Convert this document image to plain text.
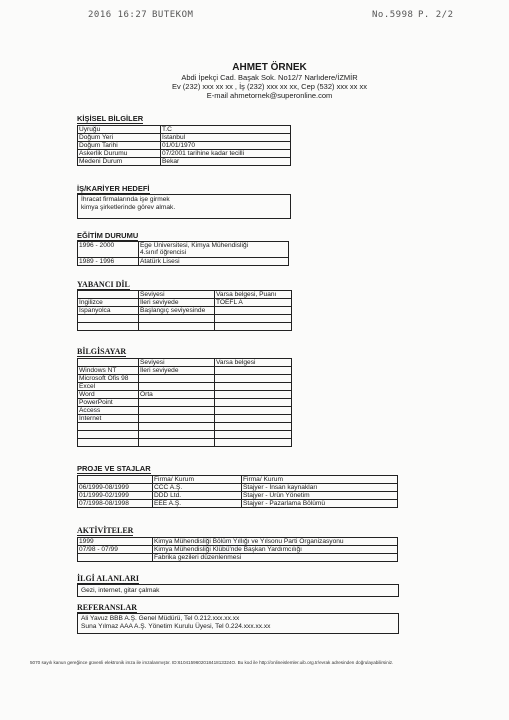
2016 16:27 BUTEKOM	No.5998 P. 2/2
AHMET ÖRNEK
Abdi İpekçi Cad. Başak Sok. No12/7 Narlıdere/İZMİR
Ev (232) xxx xx xx , İş (232) xxx xx xx, Cep (532) xxx xx xx
E-mail ahmetornek@superonline.com
KİŞİSEL BİLGİLER
Uyruğu	T.C
Doğum Yeri	İstanbul
Doğum Tarihi	01/01/1970
Askerlik Durumu	07/2001 tarihine kadar tecilli
Medeni Durum	Bekar
İŞ/KARİYER HEDEFİ
İhracat firmalarında işe girmek
kimya şirketlerinde görev almak.
EĞİTİM DURUMU
1996 - 2000	Ege Üniversitesi, Kimya Mühendisliği
4.sınıf öğrencisi

1989 - 1996	Atatürk Lisesi
YABANCI DİL
	Seviyesi	Varsa belgesi, Puanı
İngilizce	İleri seviyede	TOEFL A
İspanyolca	Başlangıç seviyesinde	

BİLGİSAYAR
	Seviyesi	Varsa belgesi
Windows NT	İleri seviyede	
Microsoft Ofis 98		
Excel		
Word	Orta	
PowerPoint		
Access		
Internet		

PROJE VE STAJLAR
	Firma/ Kurum	Firma/ Kurum
06/1999-08/1999	CCC A.Ş.	Stajyer - İnsan kaynakları
01/1999-02/1999	DDD Ltd.	Stajyer - Ürün Yönetim
07/1998-08/1998	EEE A.Ş.	Stajyer - Pazarlama Bölümü
AKTİVİTELER
1999	Kimya Mühendisliği Bölüm Yıllığı ve Yılsonu Parti Organizasyonu
07/98 - 07/99	Kimya Mühendisliği Klübü'nde Başkan Yardımcılığı
	Fabrika gezileri düzenlenmesi
İLGİ ALANLARI
Gezi, internet, gitar çalmak
REFERANSLAR
Ali Yavuz BBB A.Ş. Genel Müdürü, Tel 0.212.xxx.xx.xx
Suna Yılmaz AAA A.Ş. Yönetim Kurulu Üyesi, Tel 0.224.xxx.xx.xx
5070 sayılı kanun gereğince güvenli elektronik imza ile imzalanmıştır. ID:610415960201841813324O. Bu kod ile http://onlineislemler.uib.org.tr/evrak adresinden doğrulayabilirsiniz.
